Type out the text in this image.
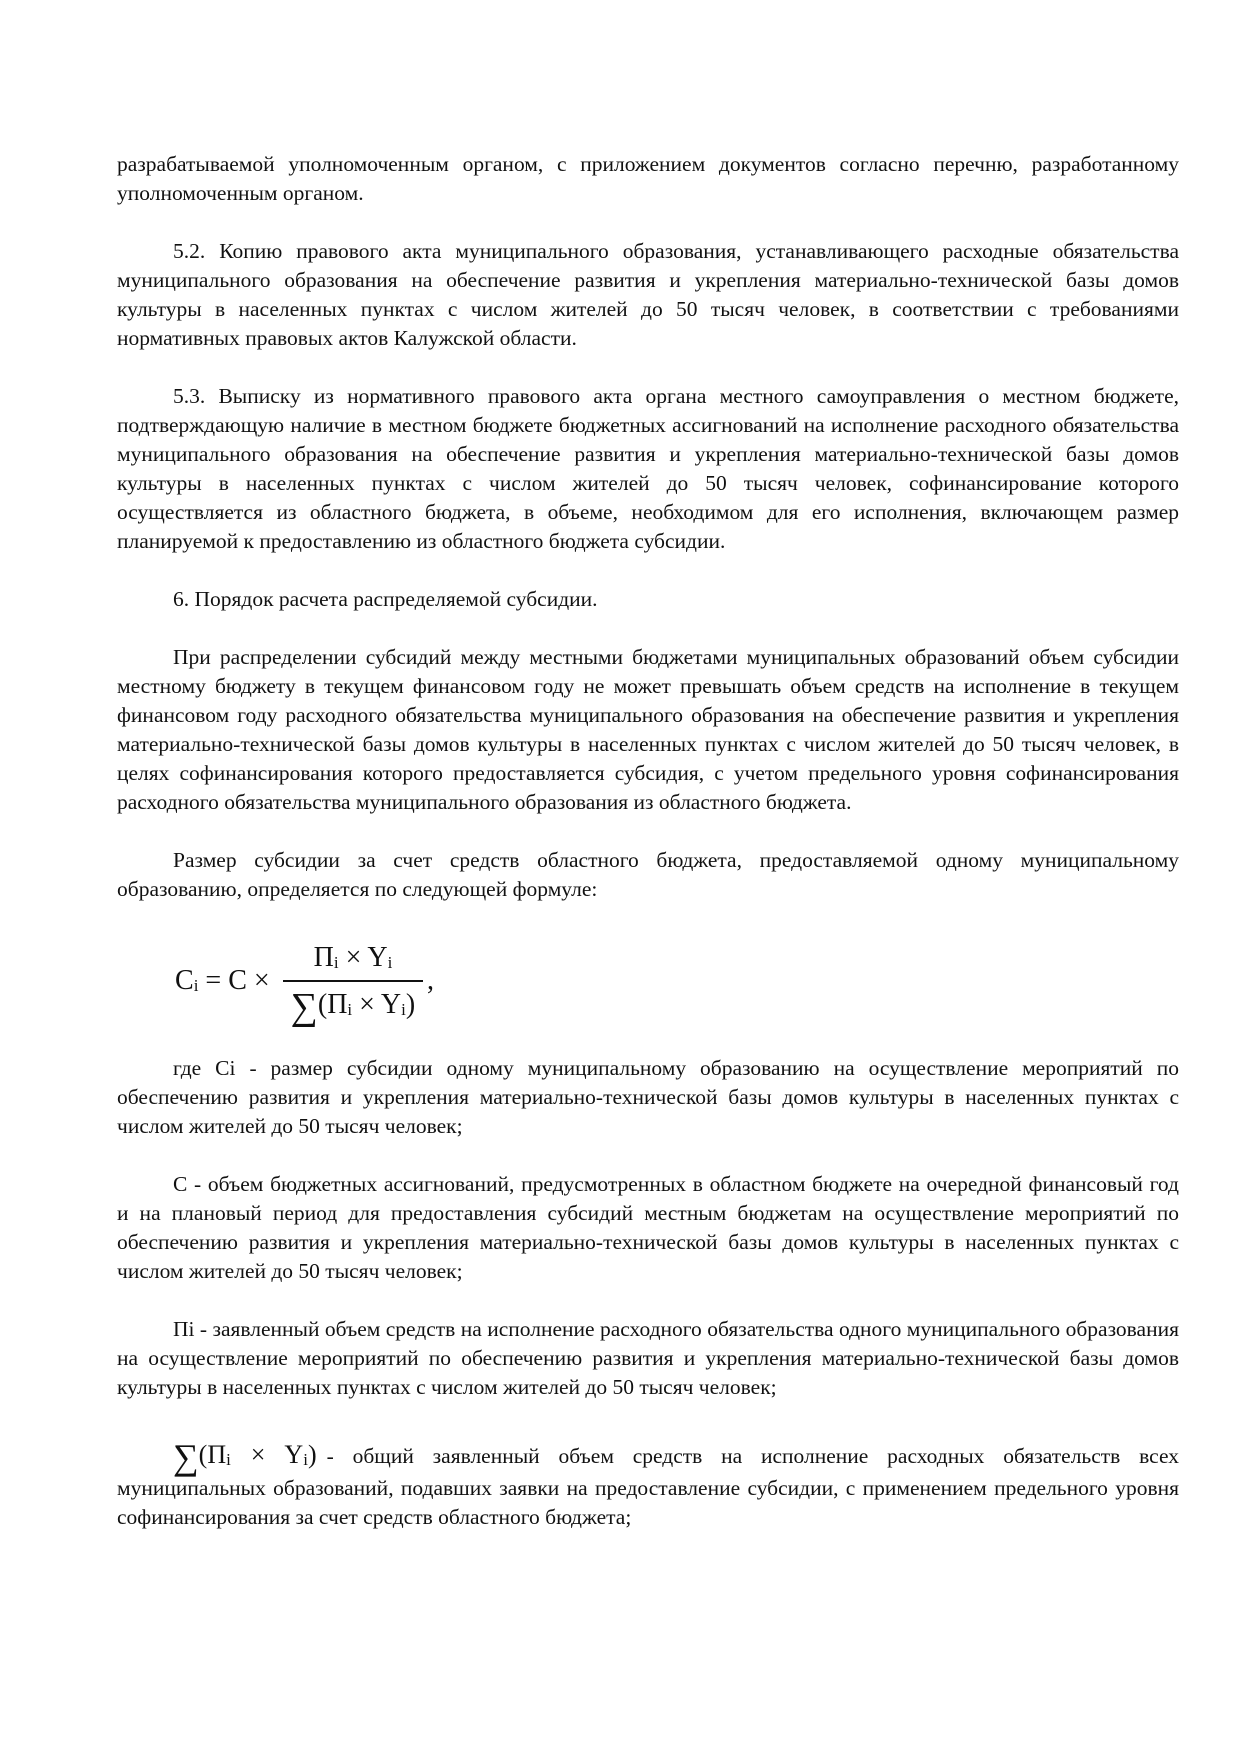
разрабатываемой уполномоченным органом, с приложением документов согласно перечню, разработанному уполномоченным органом.

5.2. Копию правового акта муниципального образования, устанавливающего расходные обязательства муниципального образования на обеспечение развития и укрепления материально-технической базы домов культуры в населенных пунктах с числом жителей до 50 тысяч человек, в соответствии с требованиями нормативных правовых актов Калужской области.

5.3. Выписку из нормативного правового акта органа местного самоуправления о местном бюджете, подтверждающую наличие в местном бюджете бюджетных ассигнований на исполнение расходного обязательства муниципального образования на обеспечение развития и укрепления материально-технической базы домов культуры в населенных пунктах с числом жителей до 50 тысяч человек, софинансирование которого осуществляется из областного бюджета, в объеме, необходимом для его исполнения, включающем размер планируемой к предоставлению из областного бюджета субсидии.

6. Порядок расчета распределяемой субсидии.

При распределении субсидий между местными бюджетами муниципальных образований объем субсидии местному бюджету в текущем финансовом году не может превышать объем средств на исполнение в текущем финансовом году расходного обязательства муниципального образования на обеспечение развития и укрепления материально-технической базы домов культуры в населенных пунктах с числом жителей до 50 тысяч человек, в целях софинансирования которого предоставляется субсидия, с учетом предельного уровня софинансирования расходного обязательства муниципального образования из областного бюджета.

Размер субсидии за счет средств областного бюджета, предоставляемой одному муниципальному образованию, определяется по следующей формуле:

Ci = C ×
Пi × Yi
∑(Пi × Yi)
,

где Ci - размер субсидии одному муниципальному образованию на осуществление мероприятий по обеспечению развития и укрепления материально-технической базы домов культуры в населенных пунктах с числом жителей до 50 тысяч человек;

С - объем бюджетных ассигнований, предусмотренных в областном бюджете на очередной финансовый год и на плановый период для предоставления субсидий местным бюджетам на осуществление мероприятий по обеспечению развития и укрепления материально-технической базы домов культуры в населенных пунктах с числом жителей до 50 тысяч человек;

Пi - заявленный объем средств на исполнение расходного обязательства одного муниципального образования на осуществление мероприятий по обеспечению развития и укрепления материально-технической базы домов культуры в населенных пунктах с числом жителей до 50 тысяч человек;

∑(Пi × Yi) - общий заявленный объем средств на исполнение расходных обязательств всех муниципальных образований, подавших заявки на предоставление субсидии, с применением предельного уровня софинансирования за счет средств областного бюджета;
